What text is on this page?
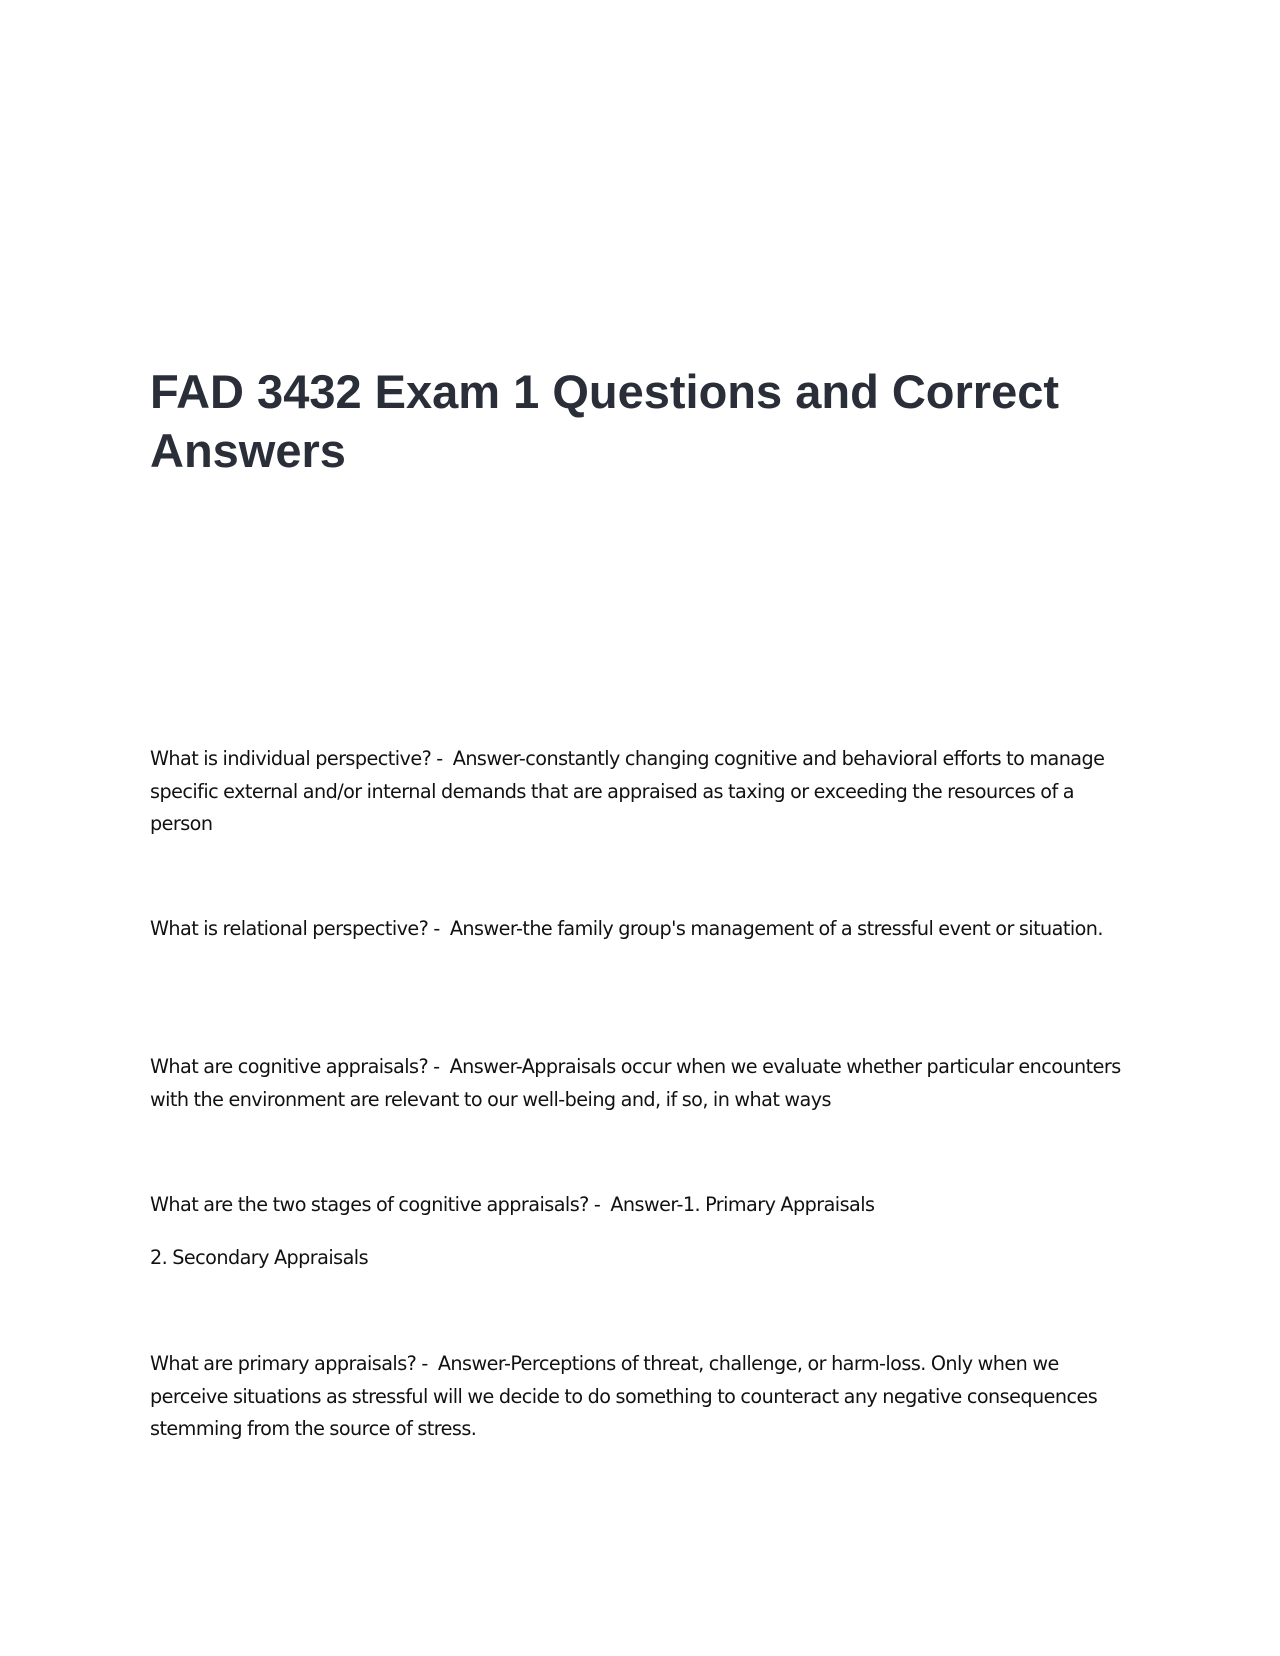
FAD 3432 Exam 1 Questions and Correct Answers

What is individual perspective? -  Answer-constantly changing cognitive and behavioral efforts to manage specific external and/or internal demands that are appraised as taxing or exceeding the resources of a person

What is relational perspective? -  Answer-the family group's management of a stressful event or situation.

What are cognitive appraisals? -  Answer-Appraisals occur when we evaluate whether particular encounters with the environment are relevant to our well-being and, if so, in what ways

What are the two stages of cognitive appraisals? -  Answer-1. Primary Appraisals

2. Secondary Appraisals

What are primary appraisals? -  Answer-Perceptions of threat, challenge, or harm-loss. Only when we perceive situations as stressful will we decide to do something to counteract any negative consequences stemming from the source of stress.
